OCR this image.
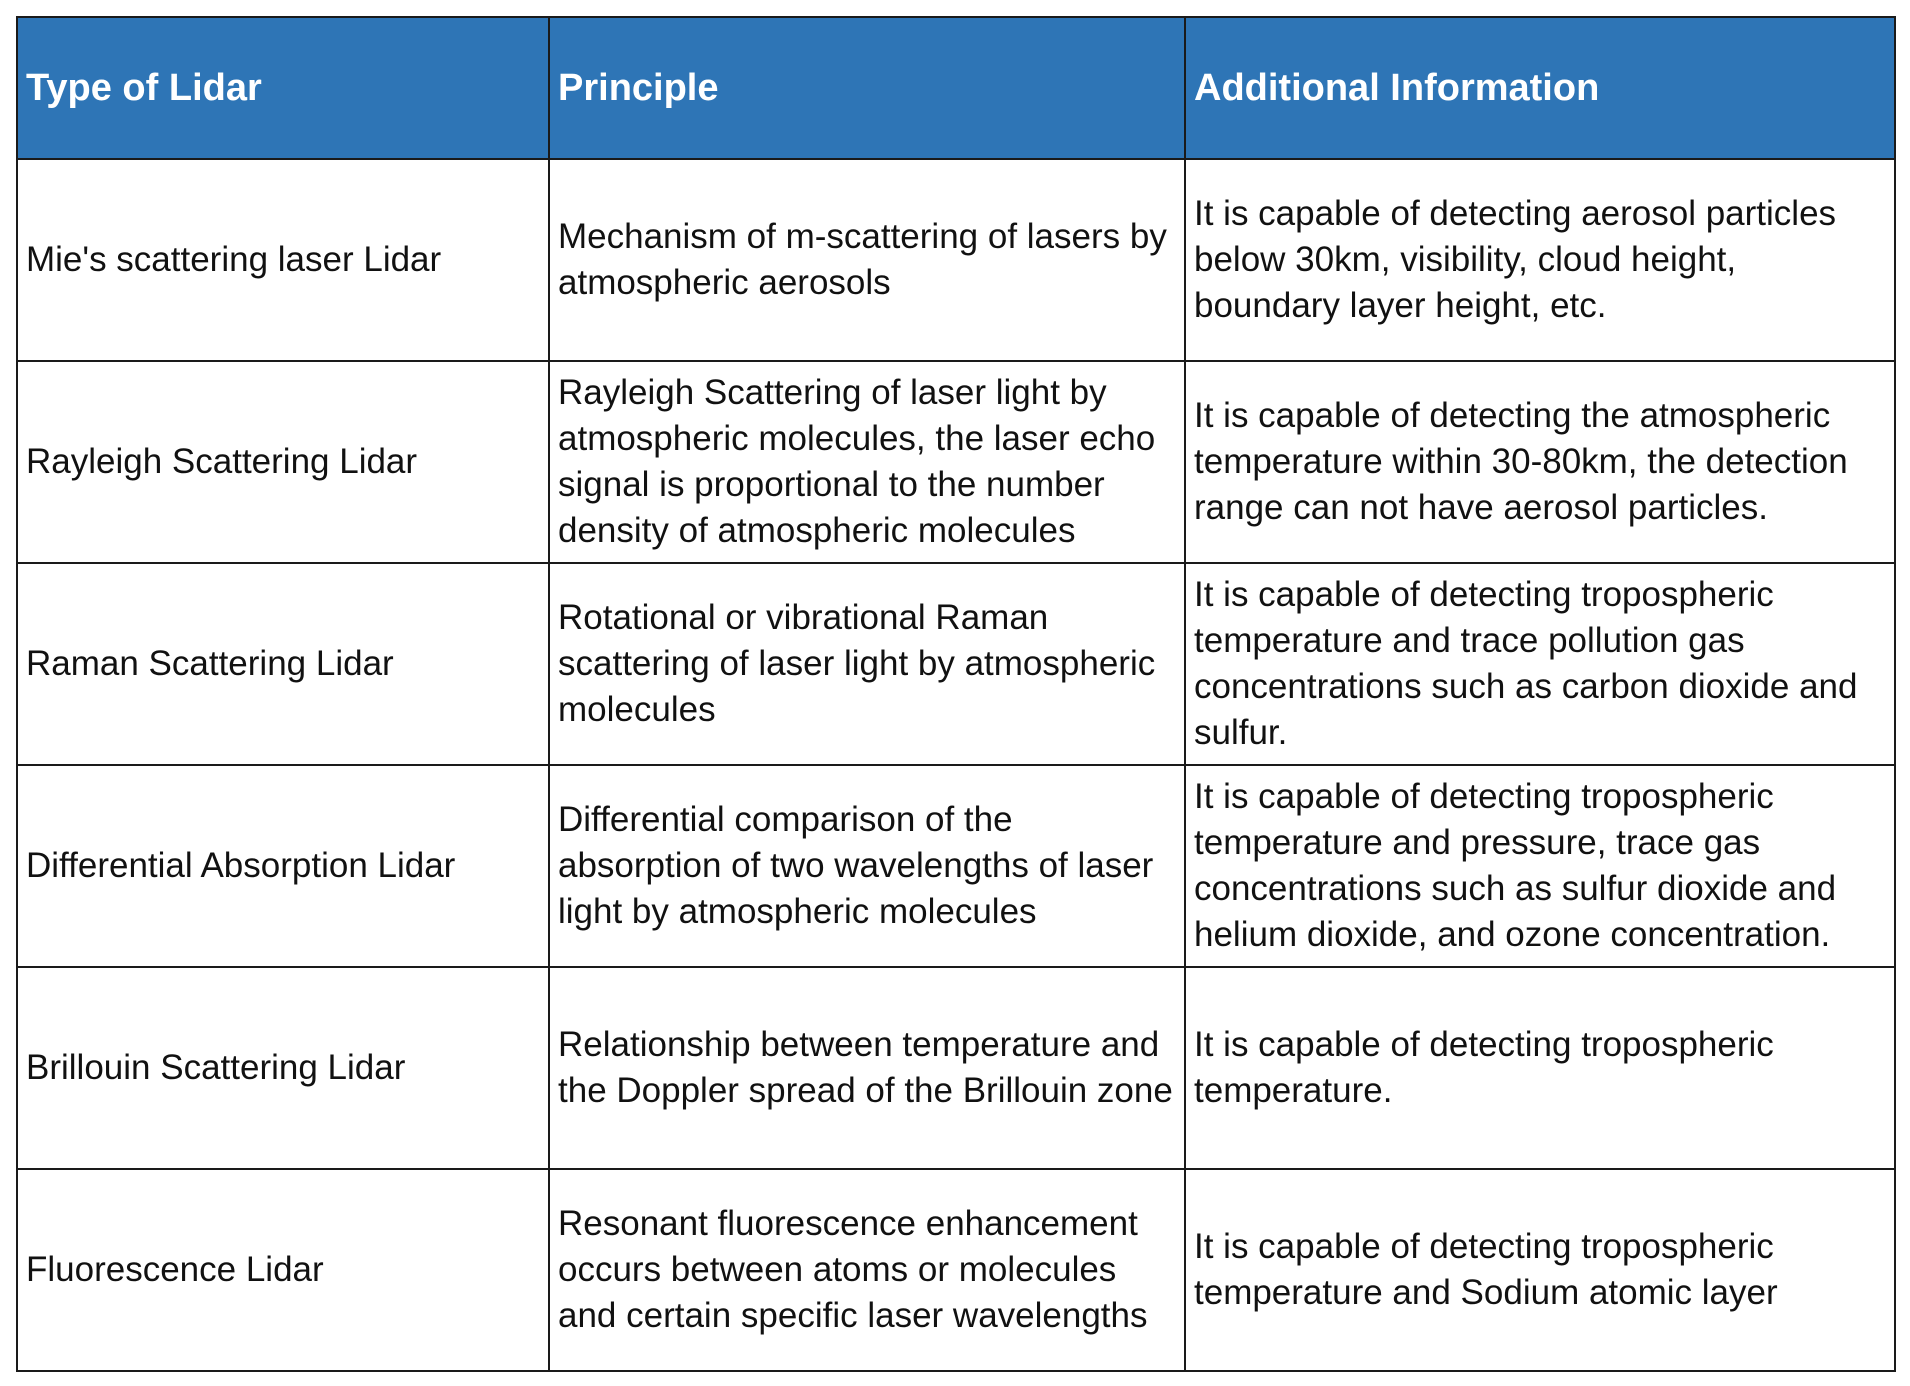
Type of Lidar	Principle	Additional Information
Mie's scattering laser Lidar	Mechanism of m-scattering of lasers by atmospheric aerosols	It is capable of detecting aerosol particles below 30km, visibility, cloud height, boundary layer height, etc.
Rayleigh Scattering Lidar	Rayleigh Scattering of laser light by atmospheric molecules, the laser echo signal is proportional to the number density of atmospheric molecules	It is capable of detecting the atmospheric temperature within 30-80km, the detection range can not have aerosol particles.
Raman Scattering Lidar	Rotational or vibrational Raman scattering of laser light by atmospheric molecules	It is capable of detecting tropospheric temperature and trace pollution gas concentrations such as carbon dioxide and sulfur.
Differential Absorption Lidar	Differential comparison of the absorption of two wavelengths of laser light by atmospheric molecules	It is capable of detecting tropospheric temperature and pressure, trace gas concentrations such as sulfur dioxide and helium dioxide, and ozone concentration.
Brillouin Scattering Lidar	Relationship between temperature and the Doppler spread of the Brillouin zone	It is capable of detecting tropospheric temperature.
Fluorescence Lidar	Resonant fluorescence enhancement occurs between atoms or molecules and certain specific laser wavelengths	It is capable of detecting tropospheric temperature and Sodium atomic layer
